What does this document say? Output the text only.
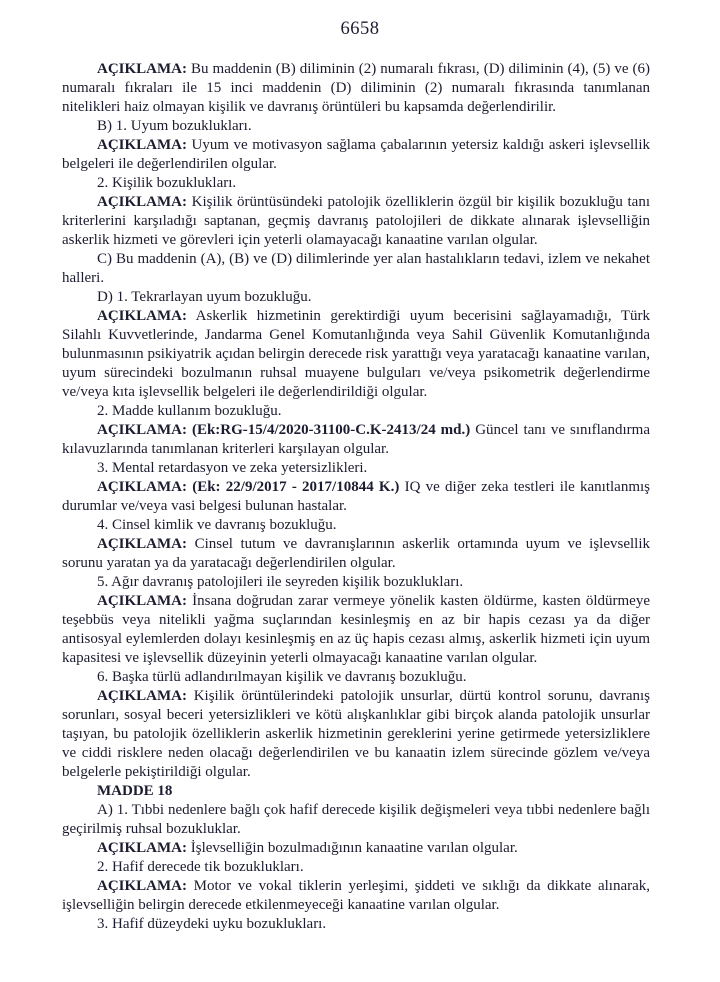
6658

AÇIKLAMA: Bu maddenin (B) diliminin (2) numaralı fıkrası, (D) diliminin (4), (5) ve (6) numaralı fıkraları ile 15 inci maddenin (D) diliminin (2) numaralı fıkrasında tanımlanan nitelikleri haiz olmayan kişilik ve davranış örüntüleri bu kapsamda değerlendirilir.

B) 1. Uyum bozuklukları.

AÇIKLAMA: Uyum ve motivasyon sağlama çabalarının yetersiz kaldığı askeri işlevsellik belgeleri ile değerlendirilen olgular.

2. Kişilik bozuklukları.

AÇIKLAMA: Kişilik örüntüsündeki patolojik özelliklerin özgül bir kişilik bozukluğu tanı kriterlerini karşıladığı saptanan, geçmiş davranış patolojileri de dikkate alınarak işlevselliğin askerlik hizmeti ve görevleri için yeterli olamayacağı kanaatine varılan olgular.

C) Bu maddenin (A), (B) ve (D) dilimlerinde yer alan hastalıkların tedavi, izlem ve nekahet halleri.

D) 1. Tekrarlayan uyum bozukluğu.

AÇIKLAMA: Askerlik hizmetinin gerektirdiği uyum becerisini sağlayamadığı, Türk Silahlı Kuvvetlerinde, Jandarma Genel Komutanlığında veya Sahil Güvenlik Komutanlığında bulunmasının psikiyatrik açıdan belirgin derecede risk yarattığı veya yaratacağı kanaatine varılan, uyum sürecindeki bozulmanın ruhsal muayene bulguları ve/veya psikometrik değerlendirme ve/veya kıta işlevsellik belgeleri ile değerlendirildiği olgular.

2. Madde kullanım bozukluğu.

AÇIKLAMA: (Ek:RG-15/4/2020-31100-C.K-2413/24 md.) Güncel tanı ve sınıflandırma kılavuzlarında tanımlanan kriterleri karşılayan olgular.

3. Mental retardasyon ve zeka yetersizlikleri.

AÇIKLAMA: (Ek: 22/9/2017 - 2017/10844 K.) IQ ve diğer zeka testleri ile kanıtlanmış durumlar ve/veya vasi belgesi bulunan hastalar.

4. Cinsel kimlik ve davranış bozukluğu.

AÇIKLAMA: Cinsel tutum ve davranışlarının askerlik ortamında uyum ve işlevsellik sorunu yaratan ya da yaratacağı değerlendirilen olgular.

5. Ağır davranış patolojileri ile seyreden kişilik bozuklukları.

AÇIKLAMA: İnsana doğrudan zarar vermeye yönelik kasten öldürme, kasten öldürmeye teşebbüs veya nitelikli yağma suçlarından kesinleşmiş en az bir hapis cezası ya da diğer antisosyal eylemlerden dolayı kesinleşmiş en az üç hapis cezası almış, askerlik hizmeti için uyum kapasitesi ve işlevsellik düzeyinin yeterli olmayacağı kanaatine varılan olgular.

6. Başka türlü adlandırılmayan kişilik ve davranış bozukluğu.

AÇIKLAMA: Kişilik örüntülerindeki patolojik unsurlar, dürtü kontrol sorunu, davranış sorunları, sosyal beceri yetersizlikleri ve kötü alışkanlıklar gibi birçok alanda patolojik unsurlar taşıyan, bu patolojik özelliklerin askerlik hizmetinin gereklerini yerine getirmede yetersizliklere ve ciddi risklere neden olacağı değerlendirilen ve bu kanaatin izlem sürecinde gözlem ve/veya belgelerle pekiştirildiği olgular.

MADDE 18

A) 1. Tıbbi nedenlere bağlı çok hafif derecede kişilik değişmeleri veya tıbbi nedenlere bağlı geçirilmiş ruhsal bozukluklar.

AÇIKLAMA: İşlevselliğin bozulmadığının kanaatine varılan olgular.

2. Hafif derecede tik bozuklukları.

AÇIKLAMA: Motor ve vokal tiklerin yerleşimi, şiddeti ve sıklığı da dikkate alınarak, işlevselliğin belirgin derecede etkilenmeyeceği kanaatine varılan olgular.

3. Hafif düzeydeki uyku bozuklukları.
